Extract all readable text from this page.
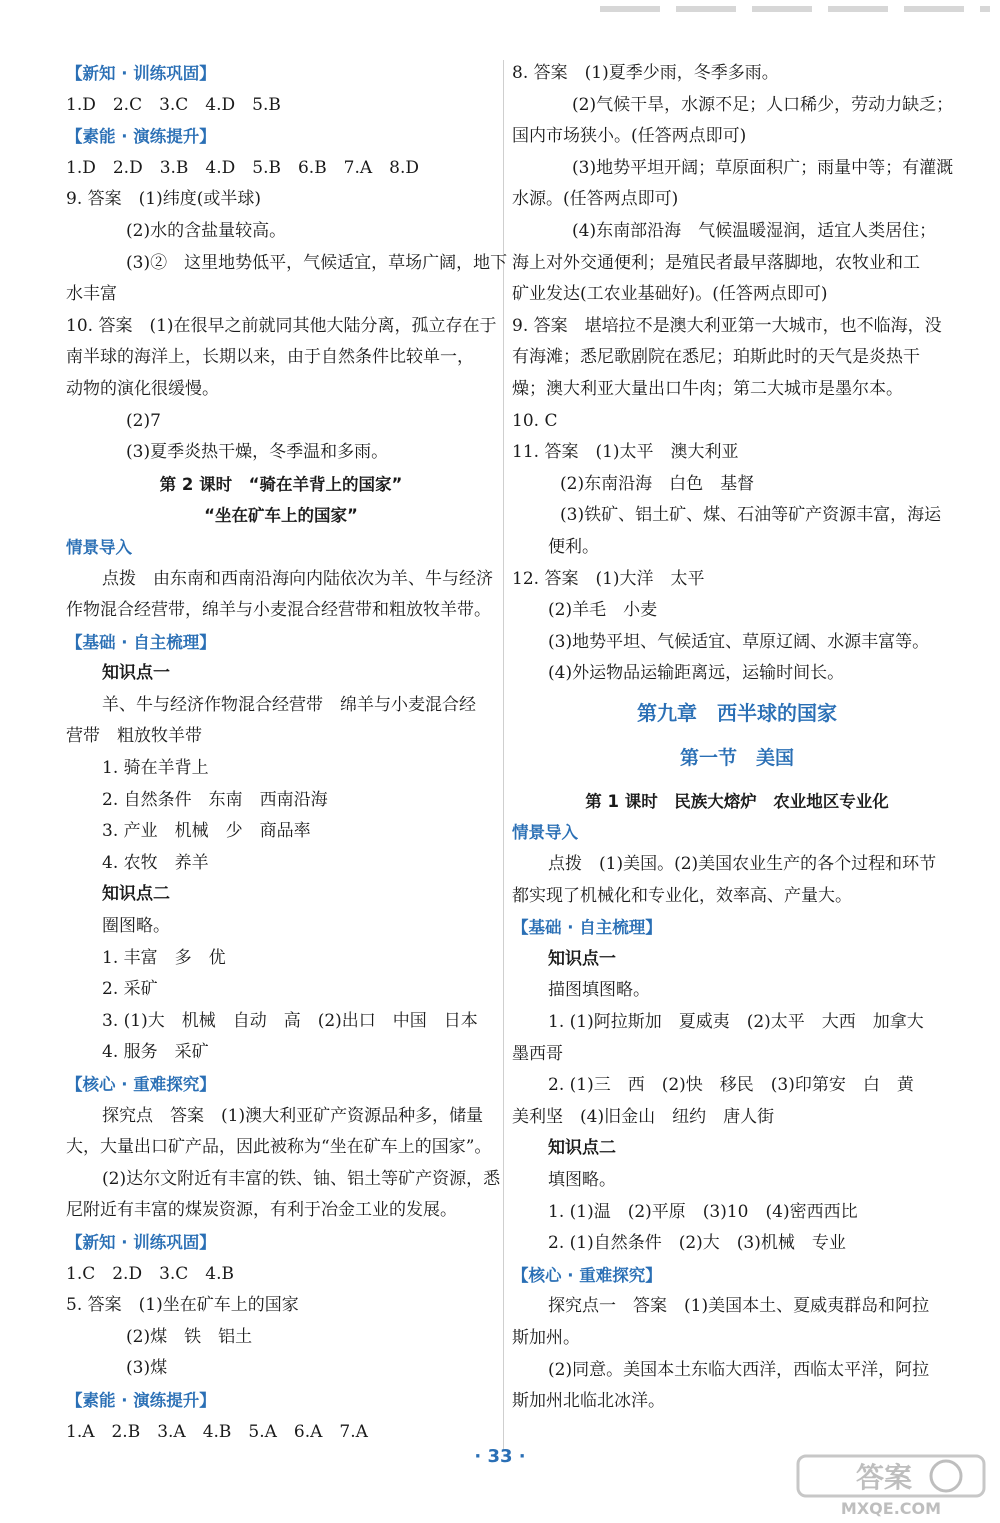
【新知 · 训练巩固】
1.D　2.C　3.C　4.D　5.B
【素能 · 演练提升】
1.D　2.D　3.B　4.D　5.B　6.B　7.A　8.D
9. 答案　(1)纬度(或半球)
(2)水的含盐量较高。
(3)②　这里地势低平，气候适宜，草场广阔，地下
水丰富
10. 答案　(1)在很早之前就同其他大陆分离，孤立存在于
南半球的海洋上，长期以来，由于自然条件比较单一，
动物的演化很缓慢。
(2)7
(3)夏季炎热干燥，冬季温和多雨。
第 2 课时　“骑在羊背上的国家”
“坐在矿车上的国家”
情景导入
点拨　由东南和西南沿海向内陆依次为羊、牛与经济
作物混合经营带，绵羊与小麦混合经营带和粗放牧羊带。
【基础 · 自主梳理】
知识点一
羊、牛与经济作物混合经营带　绵羊与小麦混合经
营带　粗放牧羊带
1. 骑在羊背上
2. 自然条件　东南　西南沿海
3. 产业　机械　少　商品率
4. 农牧　养羊
知识点二
圈图略。
1. 丰富　多　优
2. 采矿
3. (1)大　机械　自动　高　(2)出口　中国　日本
4. 服务　采矿
【核心 · 重难探究】
探究点　答案　(1)澳大利亚矿产资源品种多，储量
大，大量出口矿产品，因此被称为“坐在矿车上的国家”。
(2)达尔文附近有丰富的铁、铀、铝土等矿产资源，悉
尼附近有丰富的煤炭资源，有利于冶金工业的发展。
【新知 · 训练巩固】
1.C　2.D　3.C　4.B
5. 答案　(1)坐在矿车上的国家
(2)煤　铁　铝土
(3)煤
【素能 · 演练提升】
1.A　2.B　3.A　4.B　5.A　6.A　7.A
8. 答案　(1)夏季少雨，冬季多雨。
(2)气候干旱，水源不足；人口稀少，劳动力缺乏；
国内市场狭小。(任答两点即可)
(3)地势平坦开阔；草原面积广；雨量中等；有灌溉
水源。(任答两点即可)
(4)东南部沿海　气候温暖湿润，适宜人类居住；
海上对外交通便利；是殖民者最早落脚地，农牧业和工
矿业发达(工农业基础好)。(任答两点即可)
9. 答案　堪培拉不是澳大利亚第一大城市，也不临海，没
有海滩；悉尼歌剧院在悉尼；珀斯此时的天气是炎热干
燥；澳大利亚大量出口牛肉；第二大城市是墨尔本。
10. C
11. 答案　(1)太平　澳大利亚
(2)东南沿海　白色　基督
(3)铁矿、铝土矿、煤、石油等矿产资源丰富，海运
便利。
12. 答案　(1)大洋　太平
(2)羊毛　小麦
(3)地势平坦、气候适宜、草原辽阔、水源丰富等。
(4)外运物品运输距离远，运输时间长。
第九章　西半球的国家
第一节　美国
第 1 课时　民族大熔炉　农业地区专业化
情景导入
点拨　(1)美国。(2)美国农业生产的各个过程和环节
都实现了机械化和专业化，效率高、产量大。
【基础 · 自主梳理】
知识点一
描图填图略。
1. (1)阿拉斯加　夏威夷　(2)太平　大西　加拿大
墨西哥
2. (1)三　西　(2)快　移民　(3)印第安　白　黄
美利坚　(4)旧金山　纽约　唐人街
知识点二
填图略。
1. (1)温　(2)平原　(3)10　(4)密西西比
2. (1)自然条件　(2)大　(3)机械　专业
【核心 · 重难探究】
探究点一　答案　(1)美国本土、夏威夷群岛和阿拉
斯加州。
(2)同意。美国本土东临大西洋，西临太平洋，阿拉
斯加州北临北冰洋。
· 33 ·
答案
MXQE.COM
